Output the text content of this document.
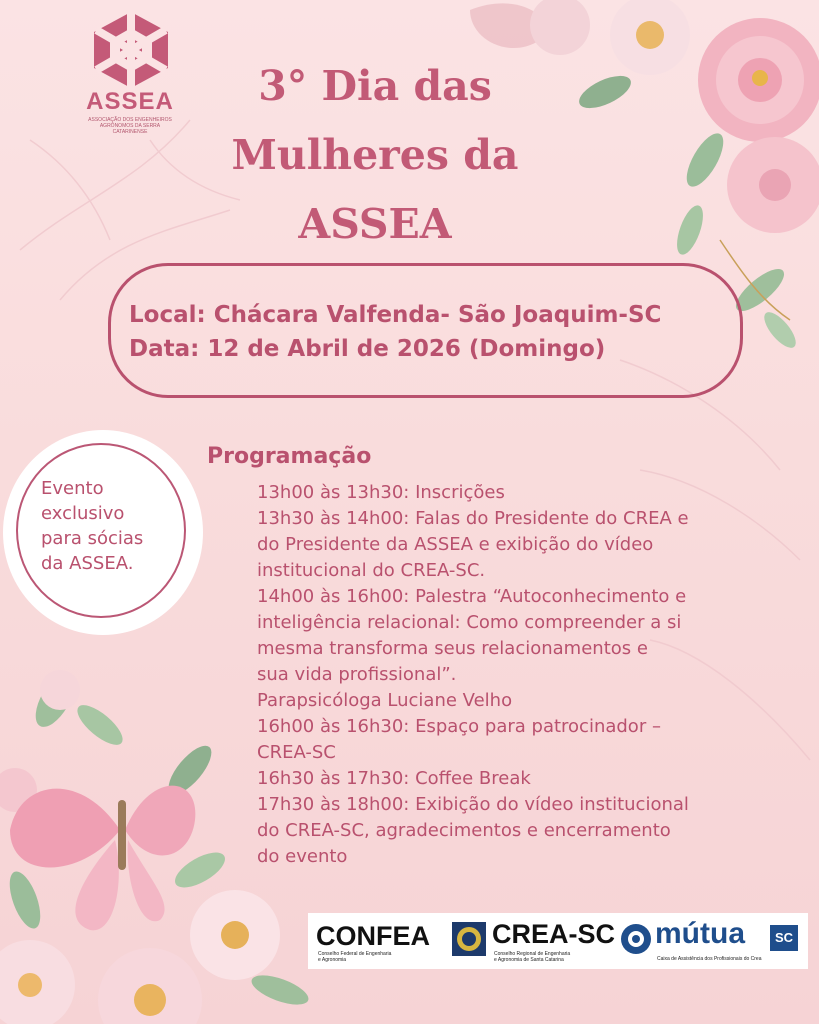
ASSEA
ASSOCIAÇÃO DOS ENGENHEIROS AGRÔNOMOS DA SERRA CATARINENSE
3° Dia das
Mulheres da
ASSEA
Local: Chácara Valfenda- São Joaquim-SC
Data: 12 de Abril de 2026 (Domingo)
Evento
exclusivo
para sócias
da ASSEA.
Programação
13h00 às 13h30: Inscrições
13h30 às 14h00: Falas do Presidente do CREA e
do Presidente da ASSEA e exibição do vídeo
institucional do CREA-SC.
14h00 às 16h00: Palestra “Autoconhecimento e
inteligência relacional: Como compreender a si
mesma transforma seus relacionamentos e
sua vida profissional”.
Parapsicóloga Luciane Velho
16h00 às 16h30: Espaço para patrocinador –
CREA-SC
16h30 às 17h30: Coffee Break
17h30 às 18h00: Exibição do vídeo institucional
do CREA-SC, agradecimentos e encerramento
do evento
CONFEA
Conselho Federal de Engenharia
e Agronomia
CREA-SC
Conselho Regional de Engenharia
e Agronomia de Santa Catarina
mútua	SC
Caixa de Assistência dos Profissionais do Crea
